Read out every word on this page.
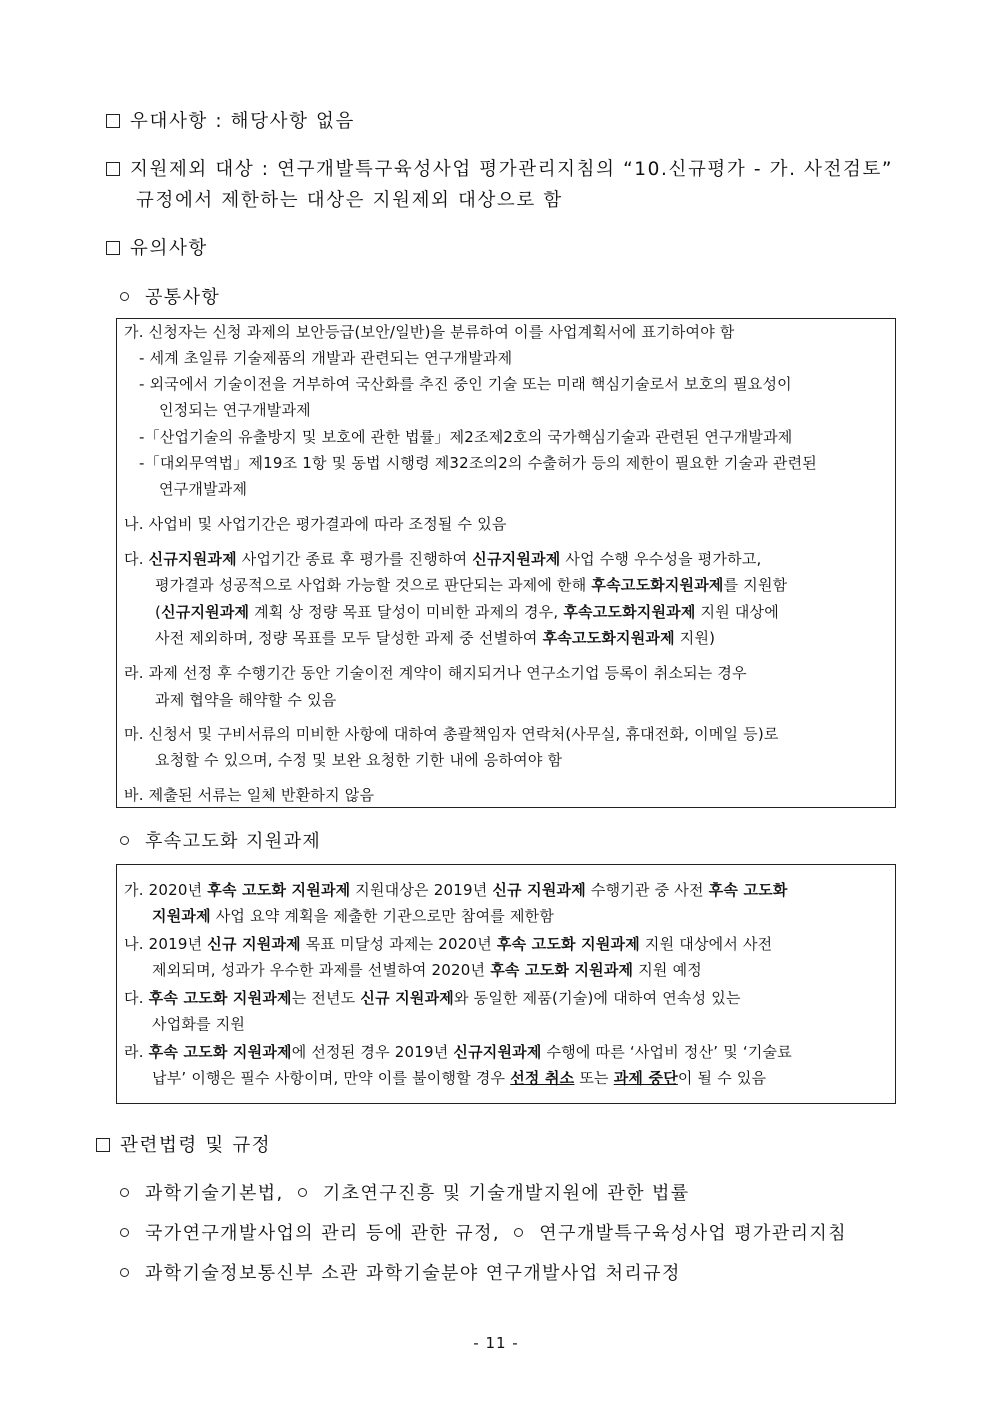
우대사항 : 해당사항 없음
지원제외 대상 : 연구개발특구육성사업 평가관리지침의 “10.신규평가 - 가. 사전검토”
규정에서 제한하는 대상은 지원제외 대상으로 함
유의사항
공통사항
가. 신청자는 신청 과제의 보안등급(보안/일반)을 분류하여 이를 사업계획서에 표기하여야 함
- 세계 초일류 기술제품의 개발과 관련되는 연구개발과제
- 외국에서 기술이전을 거부하여 국산화를 추진 중인 기술 또는 미래 핵심기술로서 보호의 필요성이
인정되는 연구개발과제
-「산업기술의 유출방지 및 보호에 관한 법률」제2조제2호의 국가핵심기술과 관련된 연구개발과제
-「대외무역법」제19조 1항 및 동법 시행령 제32조의2의 수출허가 등의 제한이 필요한 기술과 관련된
연구개발과제
나. 사업비 및 사업기간은 평가결과에 따라 조정될 수 있음
다. 신규지원과제 사업기간 종료 후 평가를 진행하여 신규지원과제 사업 수행 우수성을 평가하고,
평가결과 성공적으로 사업화 가능할 것으로 판단되는 과제에 한해 후속고도화지원과제를 지원함
(신규지원과제 계획 상 정량 목표 달성이 미비한 과제의 경우, 후속고도화지원과제 지원 대상에
사전 제외하며, 정량 목표를 모두 달성한 과제 중 선별하여 후속고도화지원과제 지원)
라. 과제 선정 후 수행기간 동안 기술이전 계약이 해지되거나 연구소기업 등록이 취소되는 경우
과제 협약을 해약할 수 있음
마. 신청서 및 구비서류의 미비한 사항에 대하여 총괄책임자 연락처(사무실, 휴대전화, 이메일 등)로
요청할 수 있으며, 수정 및 보완 요청한 기한 내에 응하여야 함
바. 제출된 서류는 일체 반환하지 않음
후속고도화 지원과제
가. 2020년 후속 고도화 지원과제 지원대상은 2019년 신규 지원과제 수행기관 중 사전 후속 고도화
지원과제 사업 요약 계획을 제출한 기관으로만 참여를 제한함
나. 2019년 신규 지원과제 목표 미달성 과제는 2020년 후속 고도화 지원과제 지원 대상에서 사전
제외되며, 성과가 우수한 과제를 선별하여 2020년 후속 고도화 지원과제 지원 예정
다. 후속 고도화 지원과제는 전년도 신규 지원과제와 동일한 제품(기술)에 대하여 연속성 있는
사업화를 지원
라. 후속 고도화 지원과제에 선정된 경우 2019년 신규지원과제 수행에 따른 ‘사업비 정산’ 및 ‘기술료
납부’ 이행은 필수 사항이며, 만약 이를 불이행할 경우 선정 취소 또는 과제 중단이 될 수 있음
관련법령 및 규정
과학기술기본법, 기초연구진흥 및 기술개발지원에 관한 법률
국가연구개발사업의 관리 등에 관한 규정, 연구개발특구육성사업 평가관리지침
과학기술정보통신부 소관 과학기술분야 연구개발사업 처리규정
- 11 -
